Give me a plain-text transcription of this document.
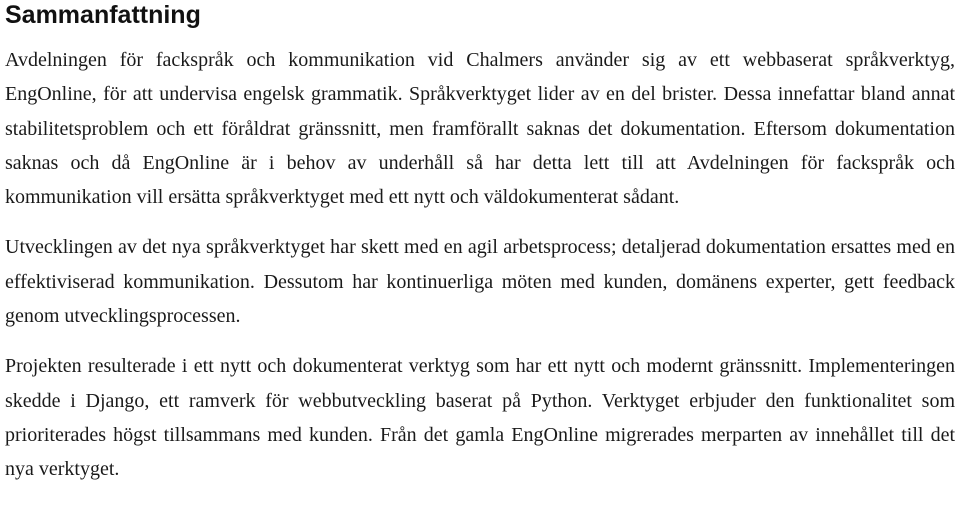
Sammanfattning

Avdelningen för fackspråk och kommunikation vid Chalmers använder sig av ett webbaserat språkverktyg, EngOnline, för att undervisa engelsk grammatik. Språkverktyget lider av en del brister. Dessa innefattar bland annat stabilitetsproblem och ett föråldrat gränssnitt, men framförallt saknas det dokumentation. Eftersom dokumentation saknas och då EngOnline är i behov av underhåll så har detta lett till att Avdelningen för fackspråk och kommunikation vill ersätta språkverktyget med ett nytt och väldokumenterat sådant.

Utvecklingen av det nya språkverktyget har skett med en agil arbetsprocess; detaljerad dokumentation ersattes med en effektiviserad kommunikation. Dessutom har kontinuerliga möten med kunden, domänens experter, gett feedback genom utvecklingsprocessen.

Projekten resulterade i ett nytt och dokumenterat verktyg som har ett nytt och modernt gränssnitt. Implementeringen skedde i Django, ett ramverk för webbutveckling baserat på Python. Verktyget erbjuder den funktionalitet som prioriterades högst tillsammans med kunden. Från det gamla EngOnline migrerades merparten av innehållet till det nya verktyget.
